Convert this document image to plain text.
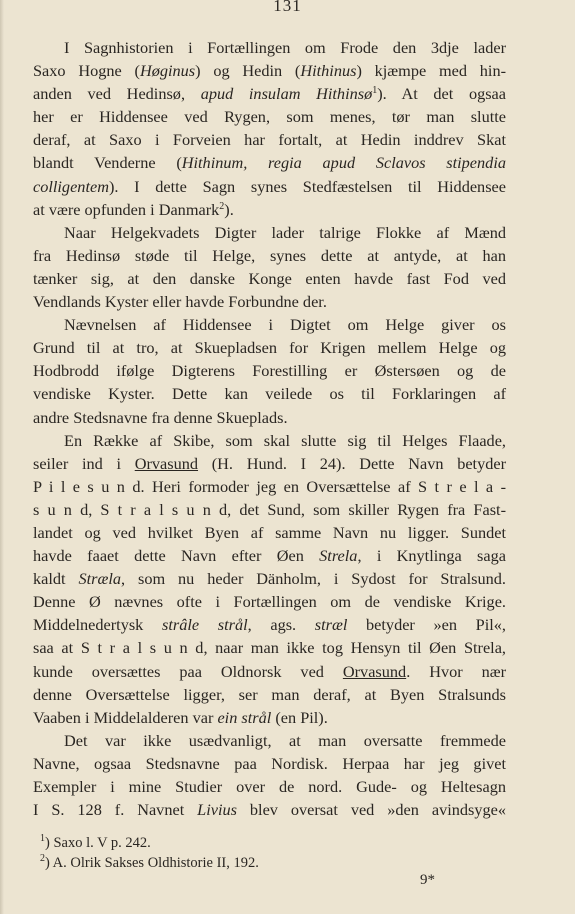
131
I Sagnhistorien i Fortællingen om Frode den 3dje lader
Saxo Hogne (Høginus) og Hedin (Hithinus) kjæmpe med hin-
anden ved Hedinsø, apud insulam Hithinsø$^1$). At det ogsaa
her er Hiddensee ved Rygen, som menes, tør man slutte
deraf, at Saxo i Forveien har fortalt, at Hedin inddrev Skat
blandt Venderne (Hithinum, regia apud Sclavos stipendia
colligentem). I dette Sagn synes Stedfæstelsen til Hiddensee
at være opfunden i Danmark$^2$).
Naar Helgekvadets Digter lader talrige Flokke af Mænd
fra Hedinsø støde til Helge, synes dette at antyde, at han
tænker sig, at den danske Konge enten havde fast Fod ved
Vendlands Kyster eller havde Forbundne der.
Nævnelsen af Hiddensee i Digtet om Helge giver os
Grund til at tro, at Skuepladsen for Krigen mellem Helge og
Hodbrodd ifølge Digterens Forestilling er Østersøen og de
vendiske Kyster. Dette kan veilede os til Forklaringen af
andre Stedsnavne fra denne Skueplads.
En Række af Skibe, som skal slutte sig til Helges Flaade,
seiler ind i Orvasund (H. Hund. I 24). Dette Navn betyder
P i l e s u n d. Heri formoder jeg en Oversættelse af S t r e l a -
s u n d, S t r a l s u n d, det Sund, som skiller Rygen fra Fast-
landet og ved hvilket Byen af samme Navn nu ligger. Sundet
havde faaet dette Navn efter Øen Strela, i Knytlinga saga
kaldt Stræla, som nu heder Dänholm, i Sydost for Stralsund.
Denne Ø nævnes ofte i Fortællingen om de vendiske Krige.
Middelnedertysk strâle strål, ags. stræl betyder »en Pil«,
saa at S t r a l s u n d, naar man ikke tog Hensyn til Øen Strela,
kunde oversættes paa Oldnorsk ved Orvasund. Hvor nær
denne Oversættelse ligger, ser man deraf, at Byen Stralsunds
Vaaben i Middelalderen var ein strål (en Pil).
Det var ikke usædvanligt, at man oversatte fremmede
Navne, ogsaa Stedsnavne paa Nordisk. Herpaa har jeg givet
Exempler i mine Studier over de nord. Gude- og Heltesagn
I S. 128 f. Navnet Livius blev oversat ved »den avindsyge«
$^1$) Saxo l. V p. 242.
$^2$) A. Olrik Sakses Oldhistorie II, 192.
9*
